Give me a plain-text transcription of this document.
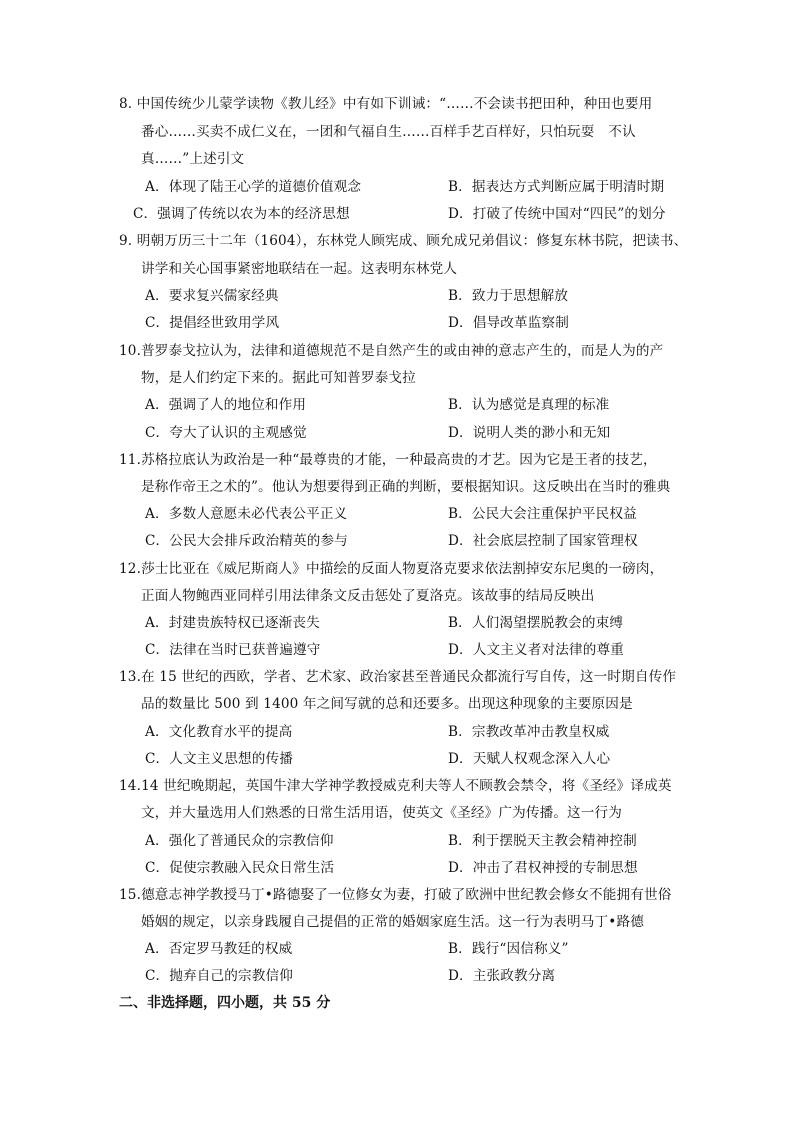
8. 中国传统少儿蒙学读物《教儿经》中有如下训诫：“……不会读书把田种，种田也要用
番心……买卖不成仁义在，一团和气福自生……百样手艺百样好，只怕玩耍　不认
真……”上述引文
A．体现了陆王心学的道德价值观念	B．据表达方式判断应属于明清时期
C．强调了传统以农为本的经济思想	D．打破了传统中国对“四民”的划分
9. 明朝万历三十二年（1604），东林党人顾宪成、顾允成兄弟倡议：修复东林书院，把读书、
讲学和关心国事紧密地联结在一起。这表明东林党人
A．要求复兴儒家经典	B．致力于思想解放
C．提倡经世致用学风	D．倡导改革监察制
10.普罗泰戈拉认为，法律和道德规范不是自然产生的或由神的意志产生的，而是人为的产
物，是人们约定下来的。据此可知普罗泰戈拉
A．强调了人的地位和作用	B．认为感觉是真理的标准
C．夸大了认识的主观感觉	D．说明人类的渺小和无知
11.苏格拉底认为政治是一种“最尊贵的才能，一种最高贵的才艺。因为它是王者的技艺，
是称作帝王之术的”。他认为想要得到正确的判断，要根据知识。这反映出在当时的雅典
A．多数人意愿未必代表公平正义	B．公民大会注重保护平民权益
C．公民大会排斥政治精英的参与	D．社会底层控制了国家管理权
12.莎士比亚在《威尼斯商人》中描绘的反面人物夏洛克要求依法割掉安东尼奥的一磅肉，
正面人物鲍西亚同样引用法律条文反击惩处了夏洛克。该故事的结局反映出
A．封建贵族特权已逐渐丧失	B．人们渴望摆脱教会的束缚
C．法律在当时已获普遍遵守	D．人文主义者对法律的尊重
13.在 15 世纪的西欧，学者、艺术家、政治家甚至普通民众都流行写自传，这一时期自传作
品的数量比 500 到 1400 年之间写就的总和还要多。出现这种现象的主要原因是
A．文化教育水平的提高	B．宗教改革冲击教皇权威
C．人文主义思想的传播	D．天赋人权观念深入人心
14.14 世纪晚期起，英国牛津大学神学教授威克利夫等人不顾教会禁令，将《圣经》译成英
文，并大量选用人们熟悉的日常生活用语，使英文《圣经》广为传播。这一行为
A．强化了普通民众的宗教信仰	B．利于摆脱天主教会精神控制
C．促使宗教融入民众日常生活	D．冲击了君权神授的专制思想
15.德意志神学教授马丁•路德娶了一位修女为妻，打破了欧洲中世纪教会修女不能拥有世俗
婚姻的规定，以亲身践履自己提倡的正常的婚姻家庭生活。这一行为表明马丁•路德
A．否定罗马教廷的权威	B．践行“因信称义”
C．抛弃自己的宗教信仰	D．主张政教分离
二、非选择题，四小题，共 55 分
